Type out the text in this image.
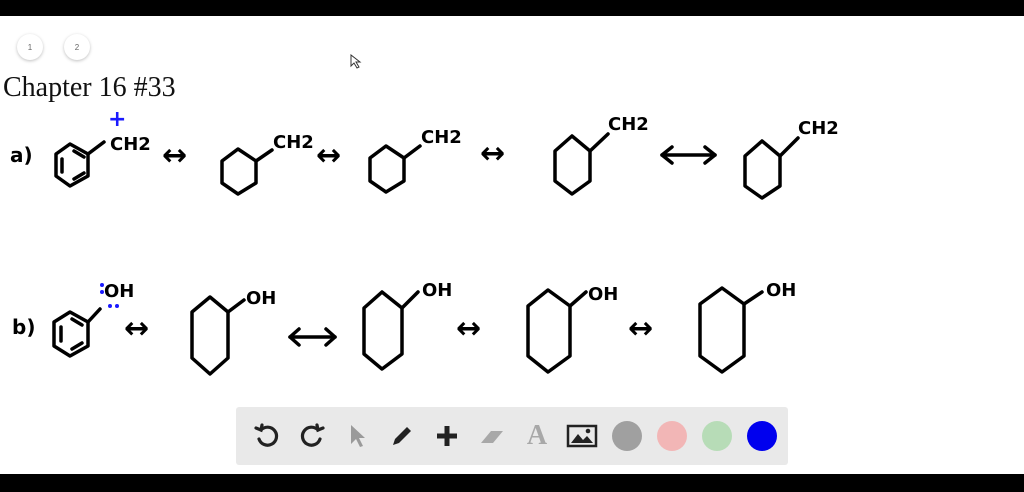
1	2
Chapter 16 #33
a)
+
CH2 ↔	CH2 ↔
CH2 ↔
CH2	CH2
b)
OH
↔
OH	OH
↔
OH
↔
OH
A
